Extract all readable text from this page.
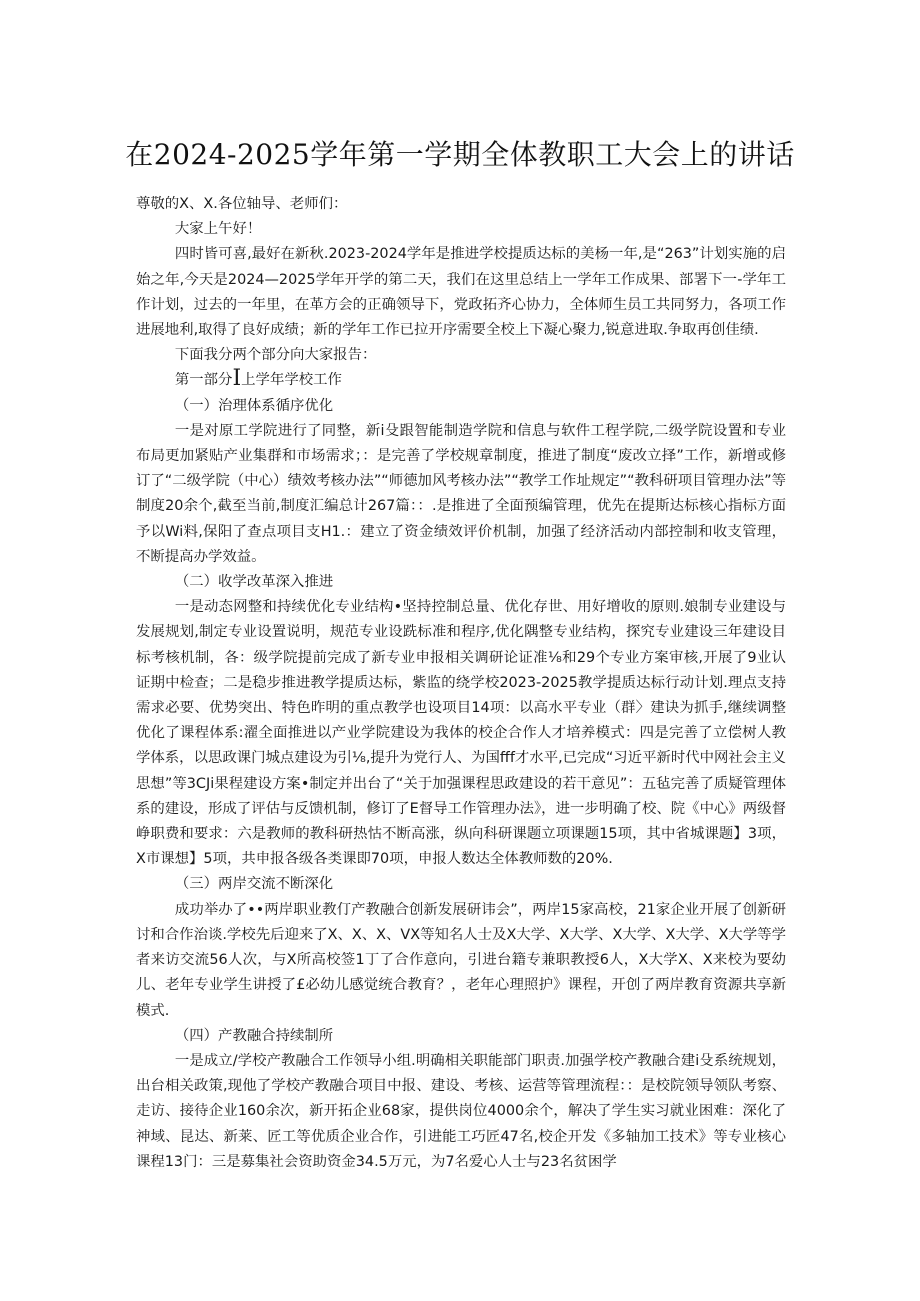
在2024-2025学年第一学期全体教职工大会上的讲话

尊敬的X、X.各位轴导、老师们：

大家上午好！

四时皆可喜,最好在新秋.2023-2024学年是推进学校提质达标的美杨一年,是“263”计划实施的启始之年,今天是2024—2025学年开学的第二天，我们在这里总结上一学年工作成果、部署下一-学年工作计划，过去的一年里，在革方会的正确领导下，党政拓齐心协力，全体师生员工共同努力，各项工作进展地利,取得了良好成绩；新的学年工作已拉开序需要全校上下凝心聚力,锐意进取.争取再创佳绩.

下面我分两个部分向大家报告：

第一部分I上学年学校工作

（一）治理体系循序优化

一是对原工学院进行了同整，新i殳跟智能制造学院和信息与软件工程学院,二级学院设置和专业布局更加紧贴产业集群和市场需求；：是完善了学校规章制度，推进了制度“废改立择”工作，新增或修订了“二级学院（中心）绩效考核办法”“师德加风考核办法”“教学工作址规定”“教科研项目管理办法”等制度20余个,截至当前,制度汇编总计267篇：：.是推进了全面预编管理，优先在提斯达标核心指标方面予以Wi料,保阳了查点项目支H1.：建立了资金绩效评价机制，加强了经济活动内部控制和收支管理，不断提高办学效益。

（二）收学改革深入推进

一是动态网整和持续优化专业结构•坚持控制总量、优化存世、用好增收的原则.娘制专业建设与发展规划,制定专业设置说明，规范专业设跣标准和程序,优化隅整专业结构，探究专业建设三年建设目标考核机制，各：级学院提前完成了新专业申报相关调研论证准⅛和29个专业方案审核,开展了9业认证期中检查；二是稳步推进教学提质达标，紫监的绕学校2023-2025教学提质达标行动计划.理点支持需求必要、优势突出、特色昨明的重点教学也设项目14项：以高水平专业（群〉建诀为抓手,继续调整优化了课程体系:濯全面推进以产业学院建设为我体的校企合作人才培养模式：四是完善了立偿树人教学体系，以思政课门城点建设为引⅛,提升为党行人、为国fff才水平,已完成“习近平新时代中网社会主义思想”等3CJi果程建设方案•制定并出台了“关于加强课程思政建设的若干意见”：五毡完善了质疑管理体系的建设，形成了评估与反馈机制，修订了E督导工作管理办法》，进一步明确了校、院《中心》两级督峥职费和要求：六是教师的教科研热怙不断高涨，纵向科研课题立项课题15项，其中省城课题】3项，X市课想】5项，共申报各级各类课即70项，申报人数达全体教师数的20%.

（三）两岸交流不断深化

成功举办了••两岸职业教仃产教融合创新发展研讳会”，两岸15家高校，21家企业开展了创新研讨和合作治谈.学校先后迎来了X、X、X、VX等知名人士及X大学、X大学、X大学、X大学、X大学等学者来访交流56人次，与X所高校签1丁了合作意向，引进台籍专兼职教授6人，X大学X、X来校为要幼儿、老年专业学生讲授了£必幼儿感觉统合教育？，老年心理照护》课程，开创了两岸教育资源共享新模式.

（四）产教融合持续制所

一是成立/学校产教融合工作领导小组.明确相关职能部门职责.加强学校产教融合建i殳系统规划，出台相关政策,现他了学校产教融合项目中报、建设、考核、运营等管理流程：：是校院领导领队考察、走访、接待企业160余次，新开拓企业68家，提供岗位4000余个，解决了学生实习就业困难：深化了神域、昆达、新莱、匠工等优质企业合作，引进能工巧匠47名,校企开发《多轴加工技术》等专业核心课程13门：三是募集社会资助资金34.5万元，为7名爱心人士与23名贫困学
